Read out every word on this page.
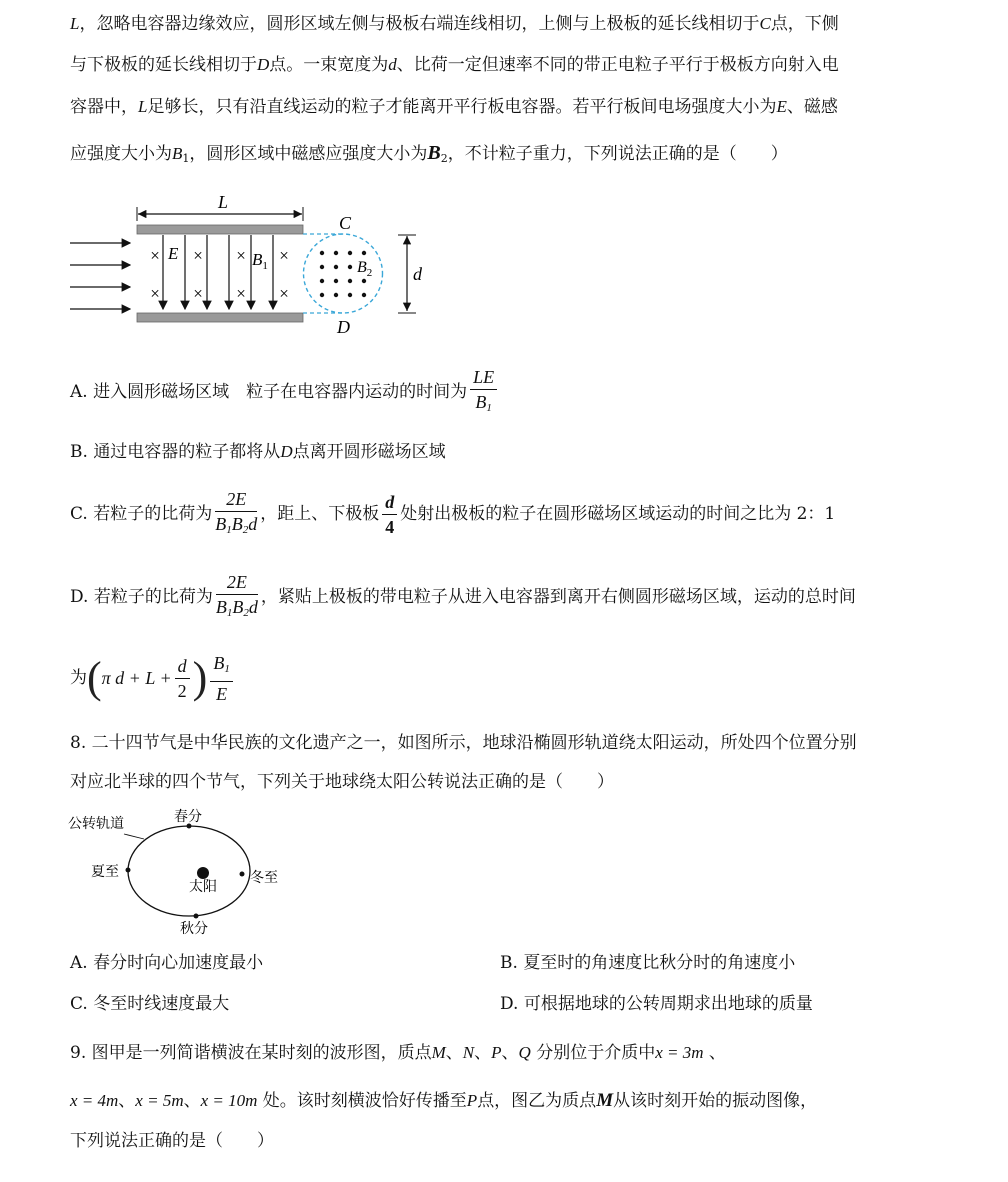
L，忽略电容器边缘效应，圆形区域左侧与极板右端连线相切，上侧与上极板的延长线相切于C点，下侧
与下极板的延长线相切于D点。一束宽度为d、比荷一定但速率不同的带正电粒子平行于极板方向射入电
容器中，L足够长，只有沿直线运动的粒子才能离开平行板电容器。若平行板间电场强度大小为E、磁感
应强度大小为$B_1$，圆形区域中磁感应强度大小为$B_2$，不计粒子重力，下列说法正确的是（　　）
L
× × × ×
× × × ×
E	$B_1$	$B_2$
C
D
d
A.
进入圆形磁场区域　粒子在电容器内运动的时间为 $\frac{LE}{B_1}$
B. 通过电容器的粒子都将从D点离开圆形磁场区域
C.
若粒子的比荷为 $\frac{2E}{B_1B_2d}$ ，距上、下极板 $\frac{d}{4}$ 处射出极板的粒子在圆形磁场区域运动的时间之比为 2：1
D.
若粒子的比荷为 $\frac{2E}{B_1B_2d}$ ，紧贴上极板的带电粒子从进入电容器到离开右侧圆形磁场区域，运动的总时间
为 ( π $d + L + \frac{d}{2}$ ) $\frac{B_1}{E}$
8. 二十四节气是中华民族的文化遗产之一，如图所示，地球沿椭圆形轨道绕太阳运动，所处四个位置分别
对应北半球的四个节气，下列关于地球绕太阳公转说法正确的是（　　）
公转轨道	春分
夏至
太阳
冬至
秋分
A. 春分时向心加速度最小	B. 夏至时的角速度比秋分时的角速度小
C. 冬至时线速度最大	D. 可根据地球的公转周期求出地球的质量
9. 图甲是一列简谐横波在某时刻的波形图，质点M、N、P、Q 分别位于介质中x = 3m 、
x = 4m、x = 5m、x = 10m 处。该时刻横波恰好传播至P点，图乙为质点M从该时刻开始的振动图像，
下列说法正确的是（　　）
